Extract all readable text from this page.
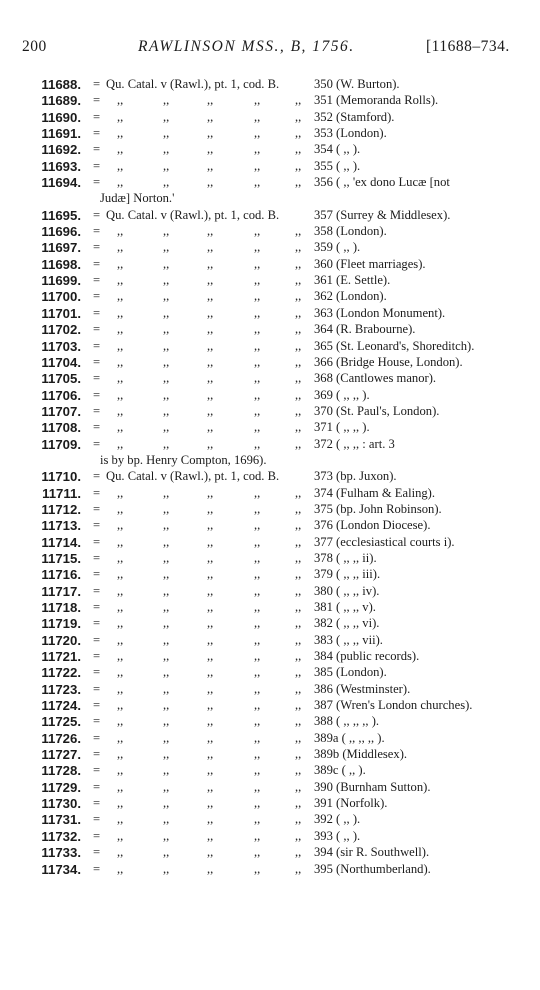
200	RAWLINSON MSS., B, 1756.	[11688–734.
11688. = Qu. Catal. v (Rawl.), pt. 1, cod. B.	350 (W. Burton).
11689. = ,,	,,	,,	,,	,, 351 (Memoranda Rolls).
11690. = ,,	,,	,,	,,	,, 352 (Stamford).
11691. = ,,	,,	,,	,,	,, 353 (London).
11692. = ,,	,,	,,	,,	,, 354 ( ,, ).
11693. = ,,	,,	,,	,,	,, 355 ( ,, ).
11694. = ,,	,,	,,	,,	,, 356 ( ,, 'ex dono Lucæ [not
Judæ] Norton.'
11695. = Qu. Catal. v (Rawl.), pt. 1, cod. B.	357 (Surrey & Middlesex).
11696. = ,,	,,	,,	,,	,, 358 (London).
11697. = ,,	,,	,,	,,	,, 359 ( ,, ).
11698. = ,,	,,	,,	,,	,, 360 (Fleet marriages).
11699. = ,,	,,	,,	,,	,, 361 (E. Settle).
11700. = ,,	,,	,,	,,	,, 362 (London).
11701. = ,,	,,	,,	,,	,, 363 (London Monument).
11702. = ,,	,,	,,	,,	,, 364 (R. Brabourne).
11703. = ,,	,,	,,	,,	,, 365 (St. Leonard's, Shoreditch).
11704. = ,,	,,	,,	,,	,, 366 (Bridge House, London).
11705. = ,,	,,	,,	,,	,, 368 (Cantlowes manor).
11706. = ,,	,,	,,	,,	,, 369 ( ,, ,, ).
11707. = ,,	,,	,,	,,	,, 370 (St. Paul's, London).
11708. = ,,	,,	,,	,,	,, 371 ( ,, ,, ).
11709. = ,,	,,	,,	,,	,, 372 ( ,, ,, : art. 3
is by bp. Henry Compton, 1696).
11710. = Qu. Catal. v (Rawl.), pt. 1, cod. B.	373 (bp. Juxon).
11711. = ,,	,,	,,	,,	,, 374 (Fulham & Ealing).
11712. = ,,	,,	,,	,,	,, 375 (bp. John Robinson).
11713. = ,,	,,	,,	,,	,, 376 (London Diocese).
11714. = ,,	,,	,,	,,	,, 377 (ecclesiastical courts i).
11715. = ,,	,,	,,	,,	,, 378 ( ,, ,, ii).
11716. = ,,	,,	,,	,,	,, 379 ( ,, ,, iii).
11717. = ,,	,,	,,	,,	,, 380 ( ,, ,, iv).
11718. = ,,	,,	,,	,,	,, 381 ( ,, ,, v).
11719. = ,,	,,	,,	,,	,, 382 ( ,, ,, vi).
11720. = ,,	,,	,,	,,	,, 383 ( ,, ,, vii).
11721. = ,,	,,	,,	,,	,, 384 (public records).
11722. = ,,	,,	,,	,,	,, 385 (London).
11723. = ,,	,,	,,	,,	,, 386 (Westminster).
11724. = ,,	,,	,,	,,	,, 387 (Wren's London churches).
11725. = ,,	,,	,,	,,	,, 388 ( ,, ,, ,, ).
11726. = ,,	,,	,,	,,	,, 389a ( ,, ,, ,, ).
11727. = ,,	,,	,,	,,	,, 389b (Middlesex).
11728. = ,,	,,	,,	,,	,, 389c ( ,, ).
11729. = ,,	,,	,,	,,	,, 390 (Burnham Sutton).
11730. = ,,	,,	,,	,,	,, 391 (Norfolk).
11731. = ,,	,,	,,	,,	,, 392 ( ,, ).
11732. = ,,	,,	,,	,,	,, 393 ( ,, ).
11733. = ,,	,,	,,	,,	,, 394 (sir R. Southwell).
11734. = ,,	,,	,,	,,	,, 395 (Northumberland).
